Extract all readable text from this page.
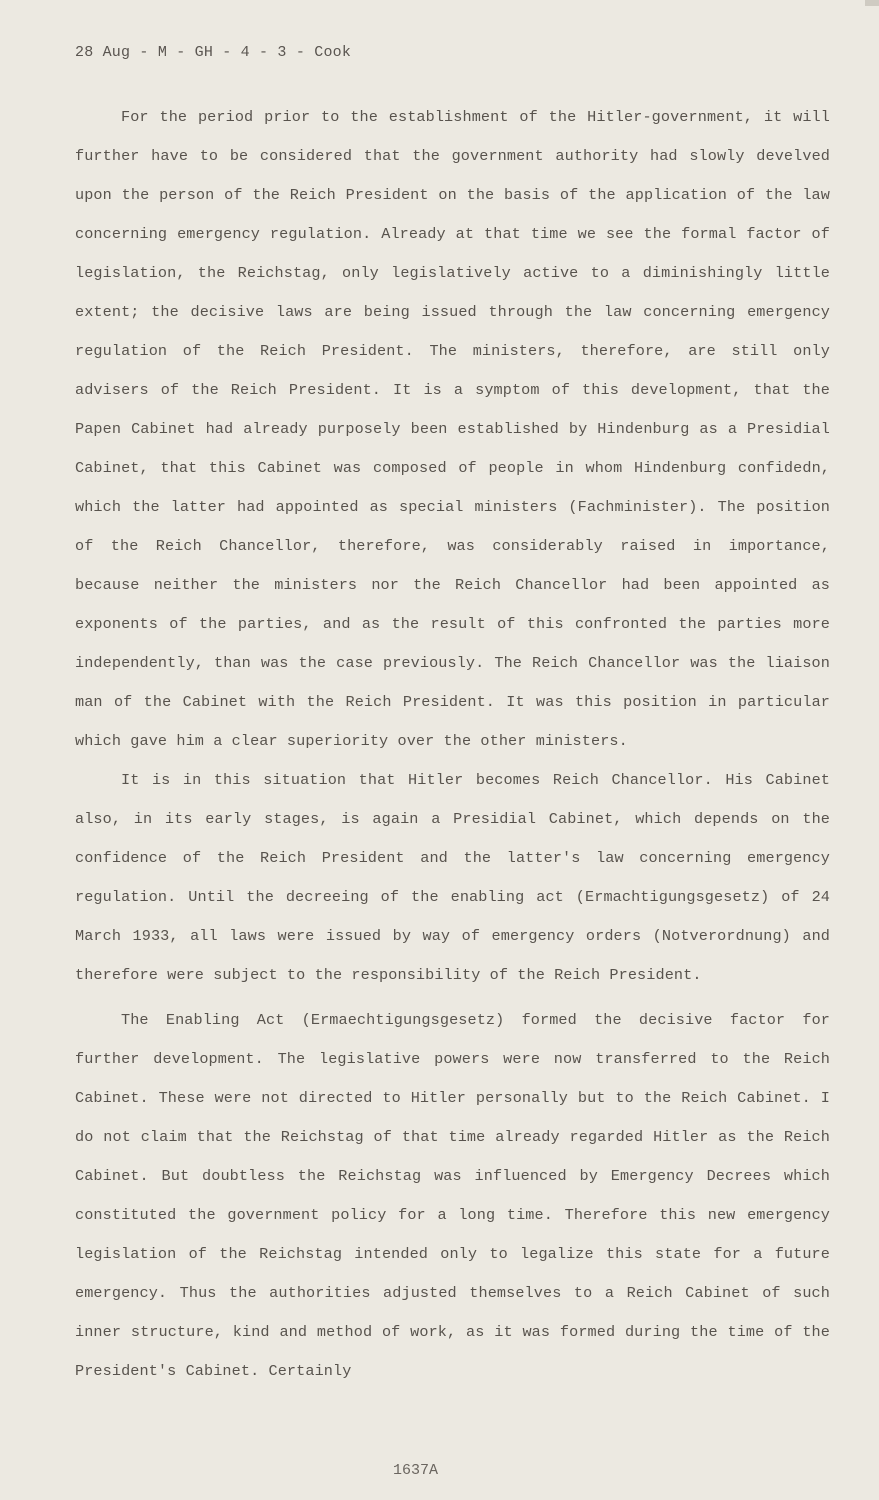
28 Aug - M - GH - 4 - 3 - Cook

For the period prior to the establishment of the Hitler-government, it will further have to be considered that the government authority had slowly develved upon the person of the Reich President on the basis of the application of the law concerning emergency regulation. Already at that time we see the formal factor of legislation, the Reichstag, only legislatively active to a diminishingly little extent; the decisive laws are being issued through the law concerning emergency regulation of the Reich President. The ministers, therefore, are still only advisers of the Reich President. It is a symptom of this development, that the Papen Cabinet had already purposely been established by Hindenburg as a Presidial Cabinet, that this Cabinet was composed of people in whom Hindenburg confidedn, which the latter had appointed as special ministers (Fachminister). The position of the Reich Chancellor, therefore, was considerably raised in importance, because neither the ministers nor the Reich Chancellor had been appointed as exponents of the parties, and as the result of this confronted the parties more independently, than was the case previously. The Reich Chancellor was the liaison man of the Cabinet with the Reich President. It was this position in particular which gave him a clear superiority over the other ministers.

It is in this situation that Hitler becomes Reich Chancellor. His Cabinet also, in its early stages, is again a Presidial Cabinet, which depends on the confidence of the Reich President and the latter's law concerning emergency regulation. Until the decreeing of the enabling act (Ermachtigungsgesetz) of 24 March 1933, all laws were issued by way of emergency orders (Notverordnung) and therefore were subject to the responsibility of the Reich President.

The Enabling Act (Ermaechtigungsgesetz) formed the decisive factor for further development. The legislative powers were now transferred to the Reich Cabinet. These were not directed to Hitler personally but to the Reich Cabinet. I do not claim that the Reichstag of that time already regarded Hitler as the Reich Cabinet. But doubtless the Reichstag was influenced by Emergency Decrees which constituted the government policy for a long time. Therefore this new emergency legislation of the Reichstag intended only to legalize this state for a future emergency. Thus the authorities adjusted themselves to a Reich Cabinet of such inner structure, kind and method of work, as it was formed during the time of the President's Cabinet. Certainly

1637A
